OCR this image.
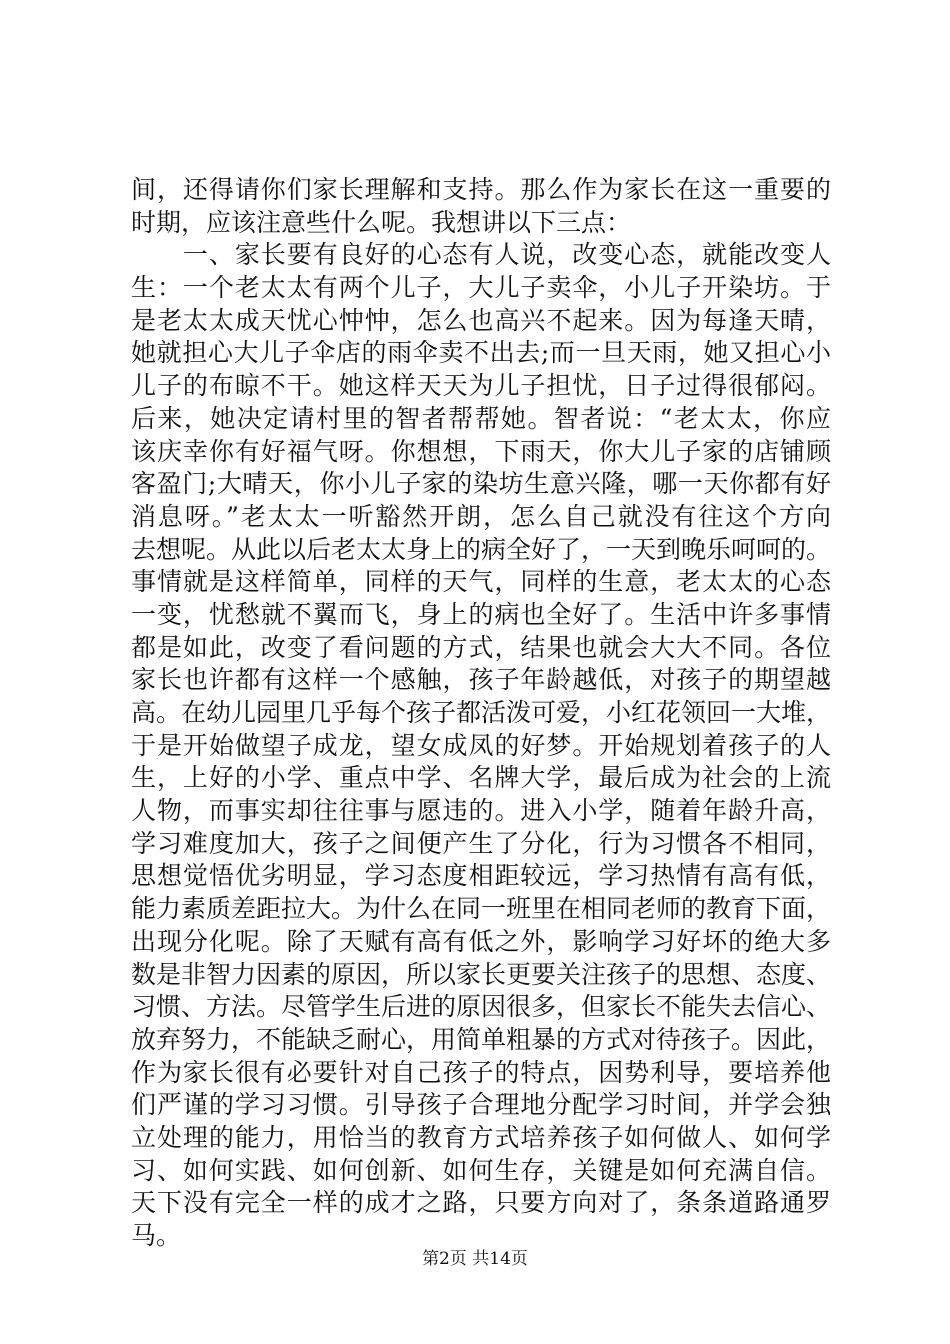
间，还得请你们家长理解和支持。那么作为家长在这一重要的
时期，应该注意些什么呢。我想讲以下三点：
　　一、家长要有良好的心态有人说，改变心态，就能改变人
生：一个老太太有两个儿子，大儿子卖伞，小儿子开染坊。于
是老太太成天忧心忡忡，怎么也高兴不起来。因为每逢天晴，
她就担心大儿子伞店的雨伞卖不出去;而一旦天雨，她又担心小
儿子的布晾不干。她这样天天为儿子担忧，日子过得很郁闷。
后来，她决定请村里的智者帮帮她。智者说：“老太太，你应
该庆幸你有好福气呀。你想想，下雨天，你大儿子家的店铺顾
客盈门;大晴天，你小儿子家的染坊生意兴隆，哪一天你都有好
消息呀。”老太太一听豁然开朗，怎么自己就没有往这个方向
去想呢。从此以后老太太身上的病全好了，一天到晚乐呵呵的。
事情就是这样简单，同样的天气，同样的生意，老太太的心态
一变，忧愁就不翼而飞，身上的病也全好了。生活中许多事情
都是如此，改变了看问题的方式，结果也就会大大不同。各位
家长也许都有这样一个感触，孩子年龄越低，对孩子的期望越
高。在幼儿园里几乎每个孩子都活泼可爱，小红花领回一大堆，
于是开始做望子成龙，望女成凤的好梦。开始规划着孩子的人
生，上好的小学、重点中学、名牌大学，最后成为社会的上流
人物，而事实却往往事与愿违的。进入小学，随着年龄升高，
学习难度加大，孩子之间便产生了分化，行为习惯各不相同，
思想觉悟优劣明显，学习态度相距较远，学习热情有高有低，
能力素质差距拉大。为什么在同一班里在相同老师的教育下面，
出现分化呢。除了天赋有高有低之外，影响学习好坏的绝大多
数是非智力因素的原因，所以家长更要关注孩子的思想、态度、
习惯、方法。尽管学生后进的原因很多，但家长不能失去信心、
放弃努力，不能缺乏耐心，用简单粗暴的方式对待孩子。因此，
作为家长很有必要针对自己孩子的特点，因势利导，要培养他
们严谨的学习习惯。引导孩子合理地分配学习时间，并学会独
立处理的能力，用恰当的教育方式培养孩子如何做人、如何学
习、如何实践、如何创新、如何生存，关键是如何充满自信。
天下没有完全一样的成才之路，只要方向对了，条条道路通罗
马。
第2页 共14页
